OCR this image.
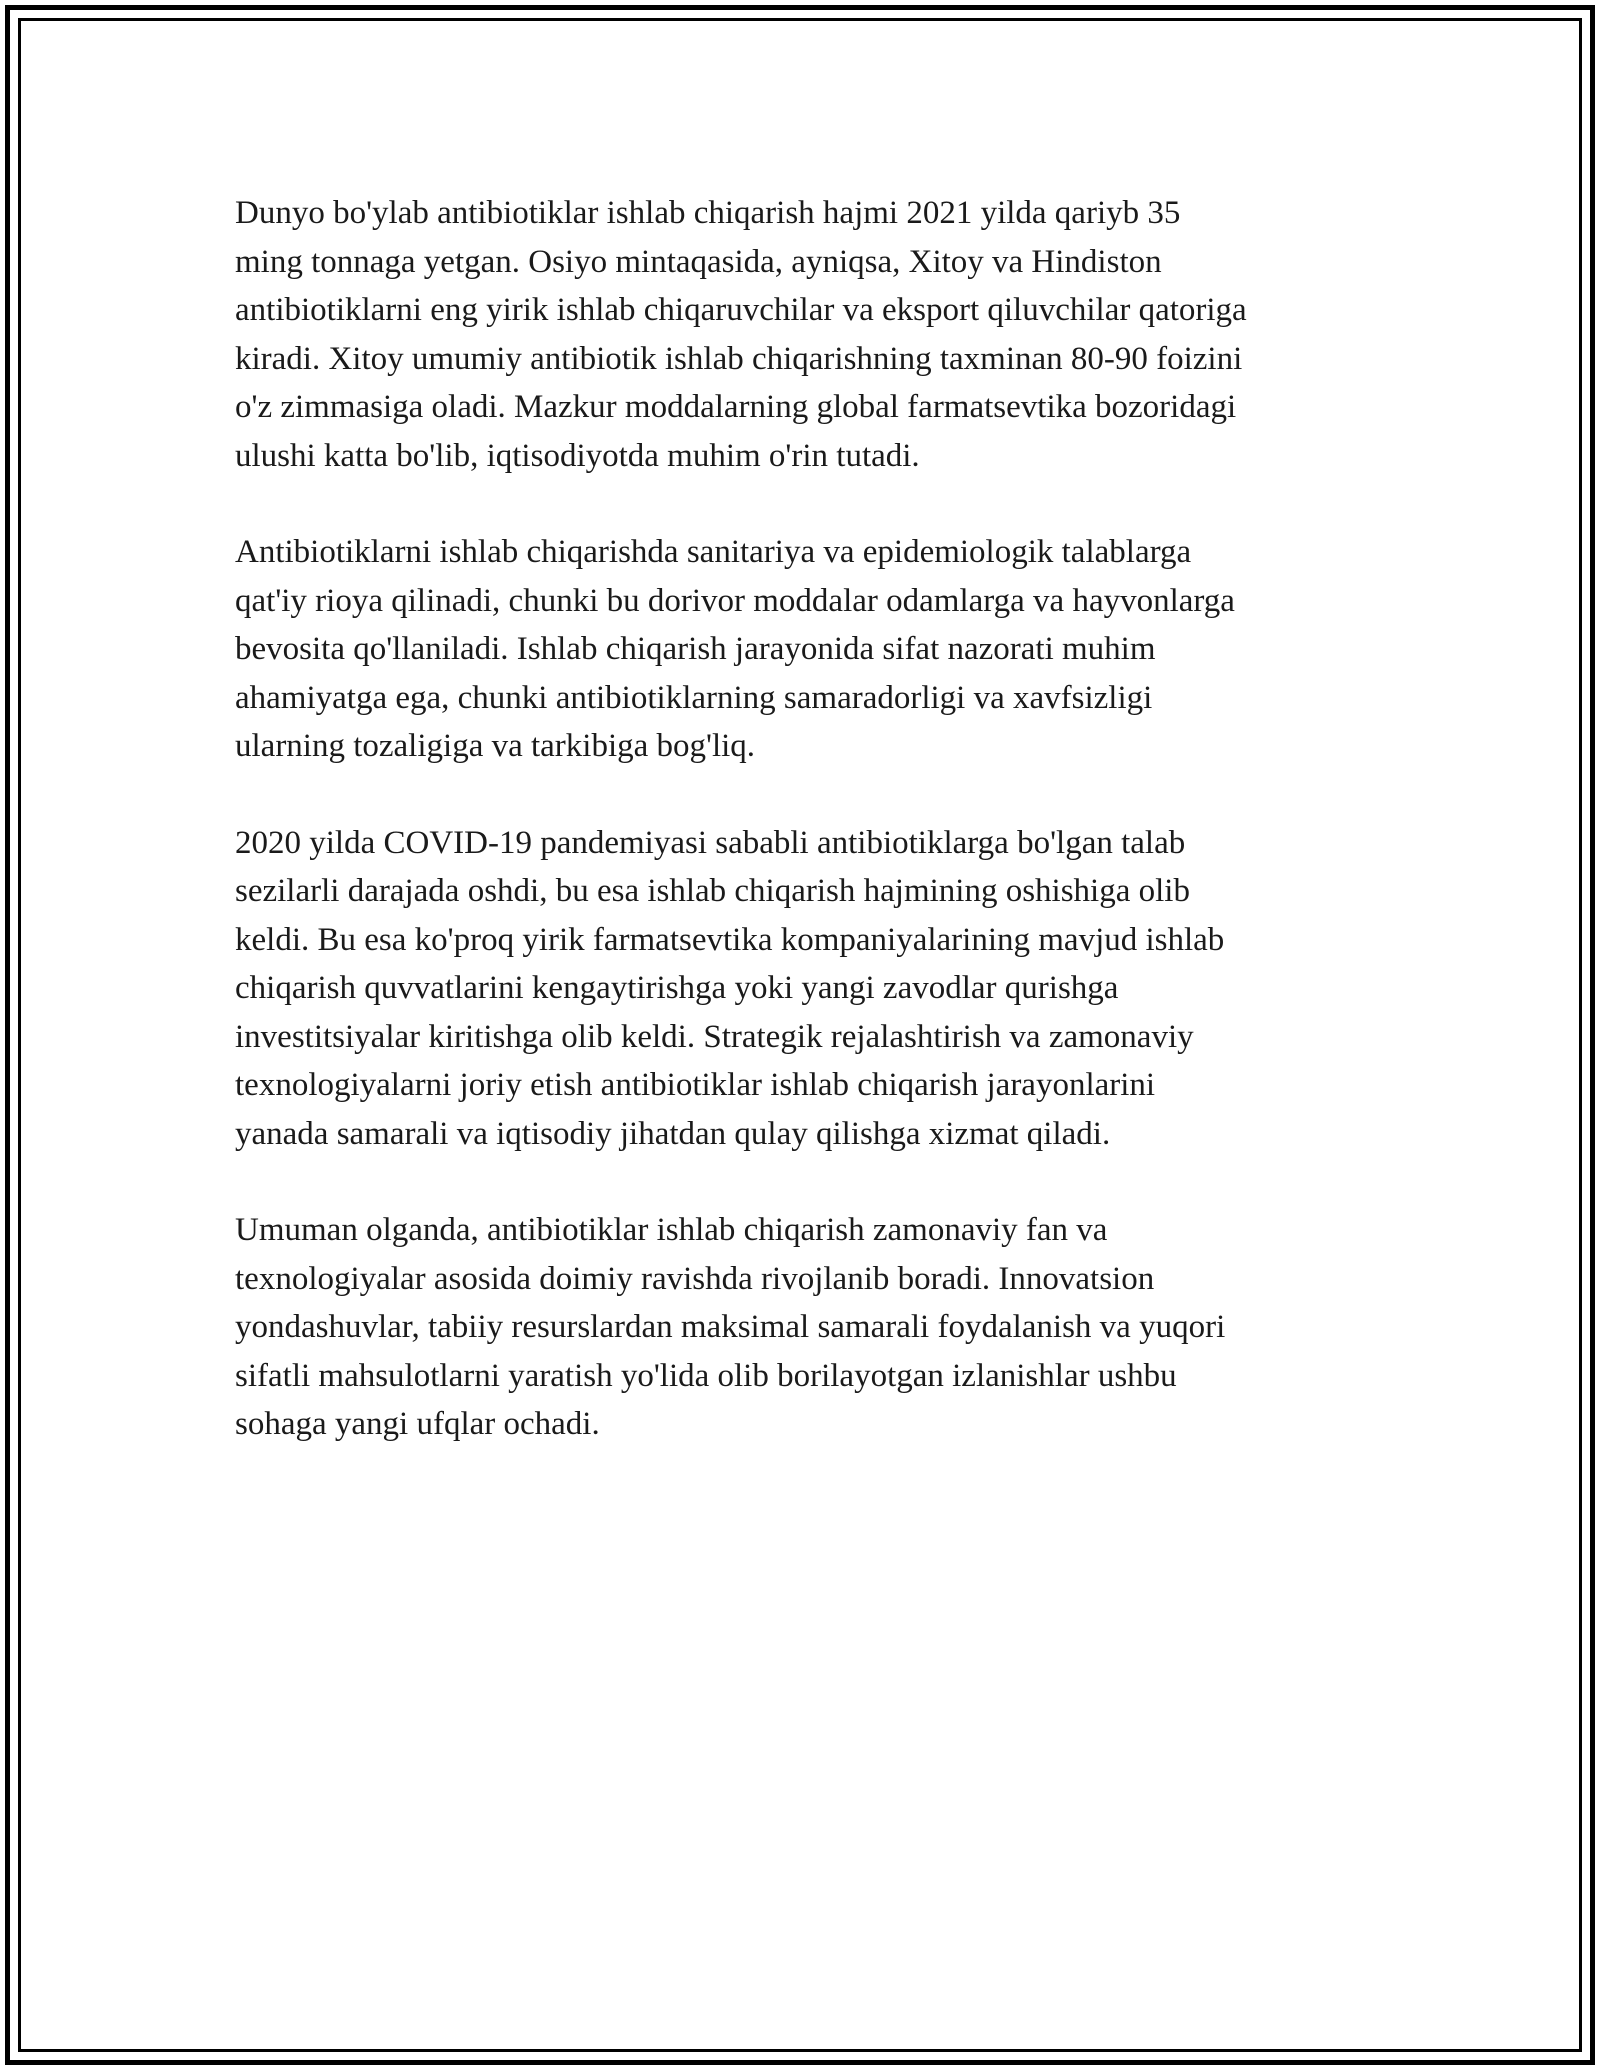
Dunyo bo'ylab antibiotiklar ishlab chiqarish hajmi 2021 yilda qariyb 35
ming tonnaga yetgan. Osiyo mintaqasida, ayniqsa, Xitoy va Hindiston
antibiotiklarni eng yirik ishlab chiqaruvchilar va eksport qiluvchilar qatoriga
kiradi. Xitoy umumiy antibiotik ishlab chiqarishning taxminan 80-90 foizini
o'z zimmasiga oladi. Mazkur moddalarning global farmatsevtika bozoridagi
ulushi katta bo'lib, iqtisodiyotda muhim o'rin tutadi.

Antibiotiklarni ishlab chiqarishda sanitariya va epidemiologik talablarga
qat'iy rioya qilinadi, chunki bu dorivor moddalar odamlarga va hayvonlarga
bevosita qo'llaniladi. Ishlab chiqarish jarayonida sifat nazorati muhim
ahamiyatga ega, chunki antibiotiklarning samaradorligi va xavfsizligi
ularning tozaligiga va tarkibiga bog'liq.

2020 yilda COVID-19 pandemiyasi sababli antibiotiklarga bo'lgan talab
sezilarli darajada oshdi, bu esa ishlab chiqarish hajmining oshishiga olib
keldi. Bu esa ko'proq yirik farmatsevtika kompaniyalarining mavjud ishlab
chiqarish quvvatlarini kengaytirishga yoki yangi zavodlar qurishga
investitsiyalar kiritishga olib keldi. Strategik rejalashtirish va zamonaviy
texnologiyalarni joriy etish antibiotiklar ishlab chiqarish jarayonlarini
yanada samarali va iqtisodiy jihatdan qulay qilishga xizmat qiladi.

Umuman olganda, antibiotiklar ishlab chiqarish zamonaviy fan va
texnologiyalar asosida doimiy ravishda rivojlanib boradi. Innovatsion
yondashuvlar, tabiiy resurslardan maksimal samarali foydalanish va yuqori
sifatli mahsulotlarni yaratish yo'lida olib borilayotgan izlanishlar ushbu
sohaga yangi ufqlar ochadi.
